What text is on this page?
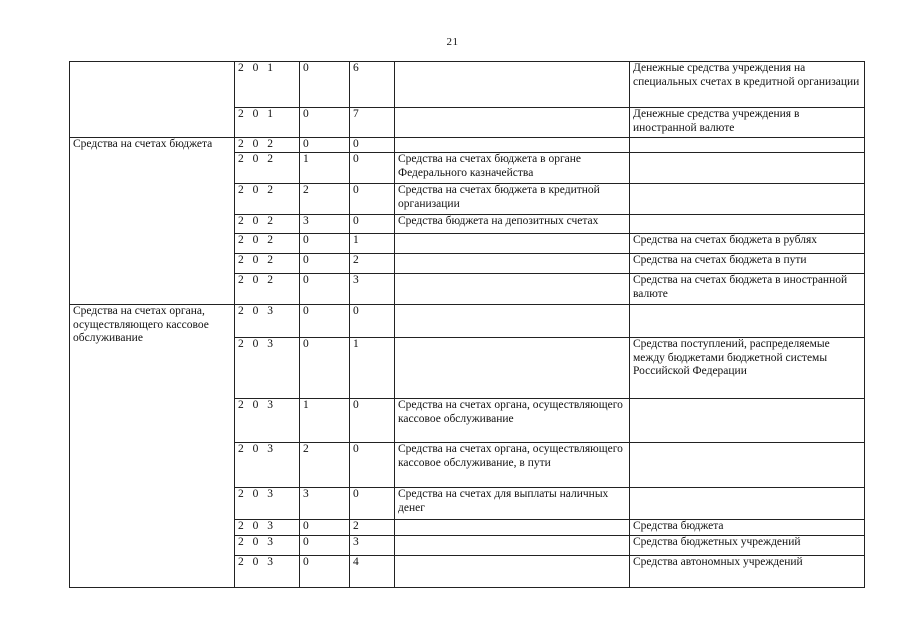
21
	2 0 1	0	6		Денежные средства учреждения на специальных счетах в кредитной организации
	2 0 1	0	7		Денежные средства учреждения в иностранной валюте
Средства на счетах бюджета	2 0 2	0	0		
	2 0 2	1	0	Средства на счетах бюджета в органе Федерального казначейства	
	2 0 2	2	0	Средства на счетах бюджета в кредитной организации	
	2 0 2	3	0	Средства бюджета на депозитных счетах	
	2 0 2	0	1		Средства на счетах бюджета в рублях
	2 0 2	0	2		Средства на счетах бюджета в пути
	2 0 2	0	3		Средства на счетах бюджета в иностранной валюте
Средства на счетах органа, осуществляющего кассовое обслуживание	2 0 3	0	0		
	2 0 3	0	1		Средства поступлений, распределяемые между бюджетами бюджетной системы Российской Федерации
	2 0 3	1	0	Средства на счетах органа, осуществляющего кассовое обслуживание	
	2 0 3	2	0	Средства на счетах органа, осуществляющего кассовое обслуживание, в пути	
	2 0 3	3	0	Средства на счетах для выплаты наличных денег	
	2 0 3	0	2		Средства бюджета
	2 0 3	0	3		Средства бюджетных учреждений
	2 0 3	0	4		Средства автономных учреждений
